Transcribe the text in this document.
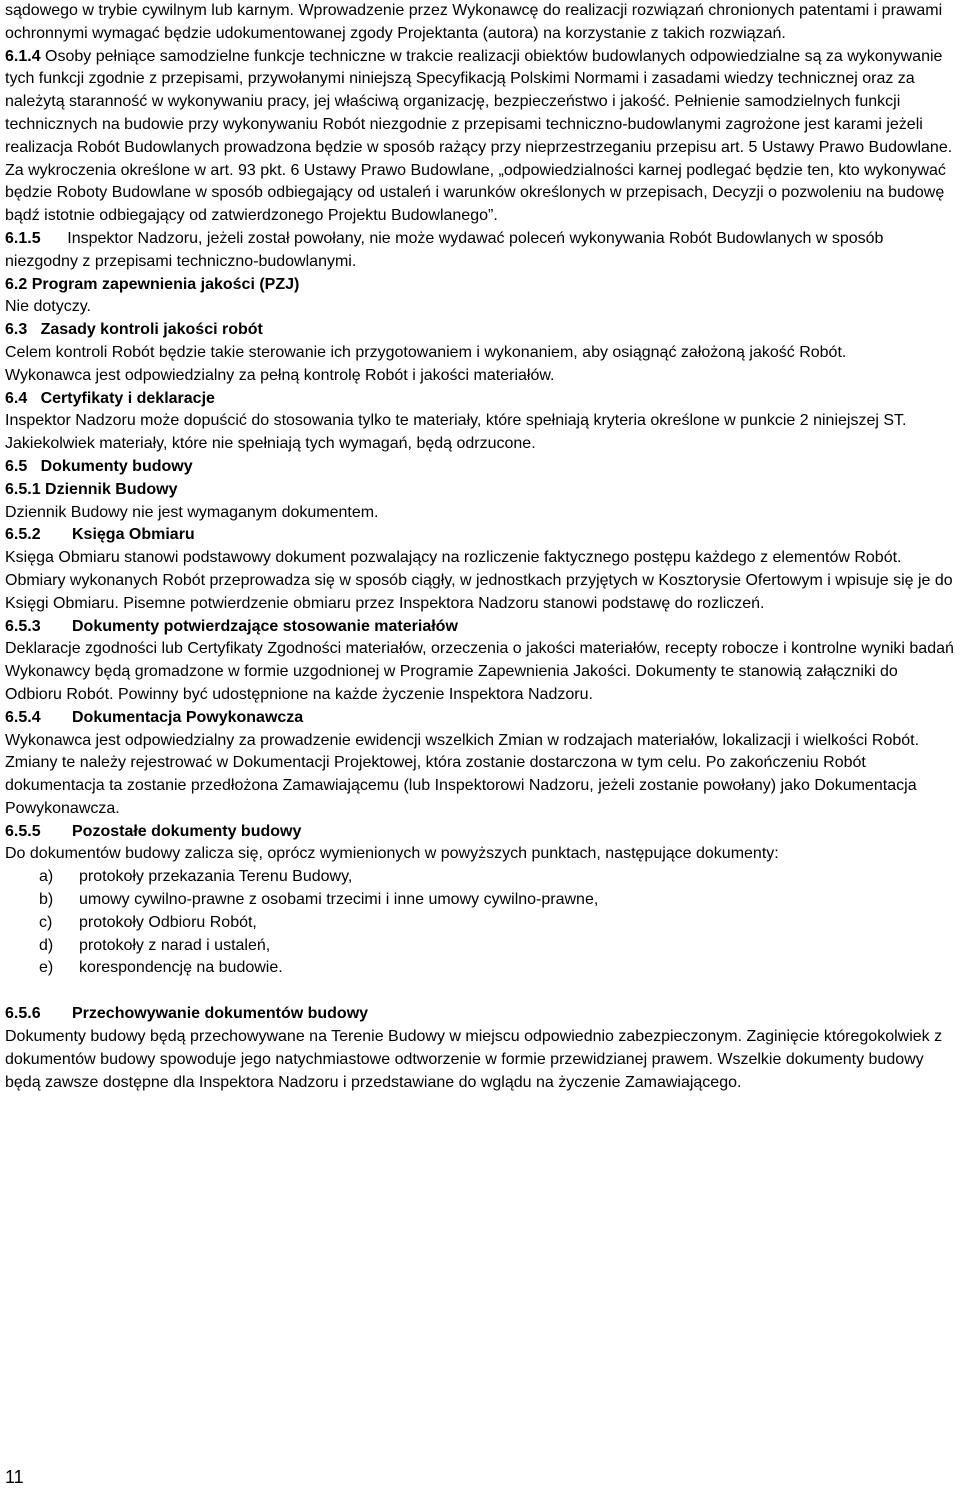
sądowego w trybie cywilnym lub karnym. Wprowadzenie przez Wykonawcę do realizacji rozwiązań chronionych patentami i prawami ochronnymi wymagać będzie udokumentowanej zgody Projektanta (autora) na korzystanie z takich rozwiązań.

6.1.4 Osoby pełniące samodzielne funkcje techniczne w trakcie realizacji obiektów budowlanych odpowiedzialne są za wykonywanie tych funkcji zgodnie z przepisami, przywołanymi niniejszą Specyfikacją Polskimi Normami i zasadami wiedzy technicznej oraz za należytą staranność w wykonywaniu pracy, jej właściwą organizację, bezpieczeństwo i jakość. Pełnienie samodzielnych funkcji technicznych na budowie przy wykonywaniu Robót niezgodnie z przepisami techniczno-budowlanymi zagrożone jest karami jeżeli realizacja Robót Budowlanych prowadzona będzie w sposób rażący przy nieprzestrzeganiu przepisu art. 5 Ustawy Prawo Budowlane. Za wykroczenia określone w art. 93 pkt. 6 Ustawy Prawo Budowlane, „odpowiedzialności karnej podlegać będzie ten, kto wykonywać będzie Roboty Budowlane w sposób odbiegający od ustaleń i warunków określonych w przepisach, Decyzji o pozwoleniu na budowę bądź istotnie odbiegający od zatwierdzonego Projektu Budowlanego”.

6.1.5 Inspektor Nadzoru, jeżeli został powołany, nie może wydawać poleceń wykonywania Robót Budowlanych w sposób niezgodny z przepisami techniczno-budowlanymi.

6.2 Program zapewnienia jakości (PZJ)

Nie dotyczy.

6.3 Zasady kontroli jakości robót

Celem kontroli Robót będzie takie sterowanie ich przygotowaniem i wykonaniem, aby osiągnąć założoną jakość Robót.

Wykonawca jest odpowiedzialny za pełną kontrolę Robót i jakości materiałów.

6.4 Certyfikaty i deklaracje

Inspektor Nadzoru może dopuścić do stosowania tylko te materiały, które spełniają kryteria określone w punkcie 2 niniejszej ST.

Jakiekolwiek materiały, które nie spełniają tych wymagań, będą odrzucone.

6.5 Dokumenty budowy

6.5.1 Dziennik Budowy

Dziennik Budowy nie jest wymaganym dokumentem.

6.5.2 Księga Obmiaru

Księga Obmiaru stanowi podstawowy dokument pozwalający na rozliczenie faktycznego postępu każdego z elementów Robót.

Obmiary wykonanych Robót przeprowadza się w sposób ciągły, w jednostkach przyjętych w Kosztorysie Ofertowym i wpisuje się je do Księgi Obmiaru. Pisemne potwierdzenie obmiaru przez Inspektora Nadzoru stanowi podstawę do rozliczeń.

6.5.3 Dokumenty potwierdzające stosowanie materiałów

Deklaracje zgodności lub Certyfikaty Zgodności materiałów, orzeczenia o jakości materiałów, recepty robocze i kontrolne wyniki badań Wykonawcy będą gromadzone w formie uzgodnionej w Programie Zapewnienia Jakości. Dokumenty te stanowią załączniki do Odbioru Robót. Powinny być udostępnione na każde życzenie Inspektora Nadzoru.

6.5.4 Dokumentacja Powykonawcza

Wykonawca jest odpowiedzialny za prowadzenie ewidencji wszelkich Zmian w rodzajach materiałów, lokalizacji i wielkości Robót.

Zmiany te należy rejestrować w Dokumentacji Projektowej, która zostanie dostarczona w tym celu. Po zakończeniu Robót dokumentacja ta zostanie przedłożona Zamawiającemu (lub Inspektorowi Nadzoru, jeżeli zostanie powołany) jako Dokumentacja Powykonawcza.

6.5.5 Pozostałe dokumenty budowy

Do dokumentów budowy zalicza się, oprócz wymienionych w powyższych punktach, następujące dokumenty:

a)	protokoły przekazania Terenu Budowy,
b)	umowy cywilno-prawne z osobami trzecimi i inne umowy cywilno-prawne,
c)	protokoły Odbioru Robót,
d)	protokoły z narad i ustaleń,
e)	korespondencję na budowie.

6.5.6 Przechowywanie dokumentów budowy

Dokumenty budowy będą przechowywane na Terenie Budowy w miejscu odpowiednio zabezpieczonym. Zaginięcie któregokolwiek z dokumentów budowy spowoduje jego natychmiastowe odtworzenie w formie przewidzianej prawem. Wszelkie dokumenty budowy będą zawsze dostępne dla Inspektora Nadzoru i przedstawiane do wglądu na życzenie Zamawiającego.

11
